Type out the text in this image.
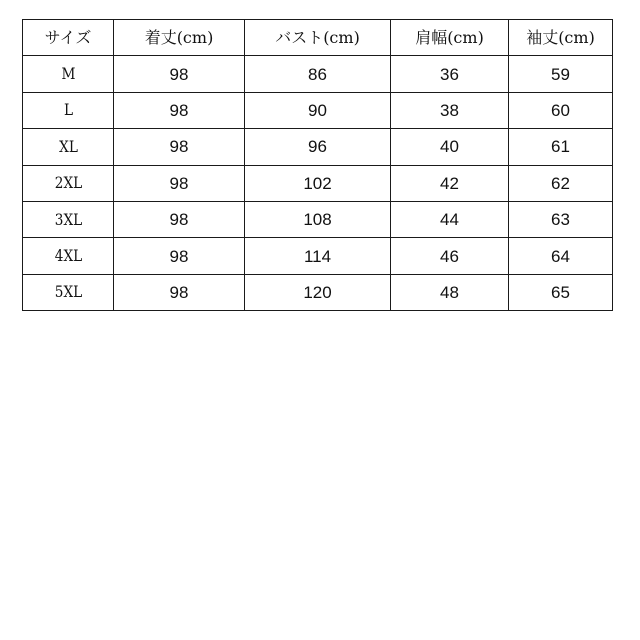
サイズ	着丈(cm)	バスト(cm)	肩幅(cm)	袖丈(cm)
M	98	86	36	59
L	98	90	38	60
XL	98	96	40	61
2XL	98	102	42	62
3XL	98	108	44	63
4XL	98	114	46	64
5XL	98	120	48	65
